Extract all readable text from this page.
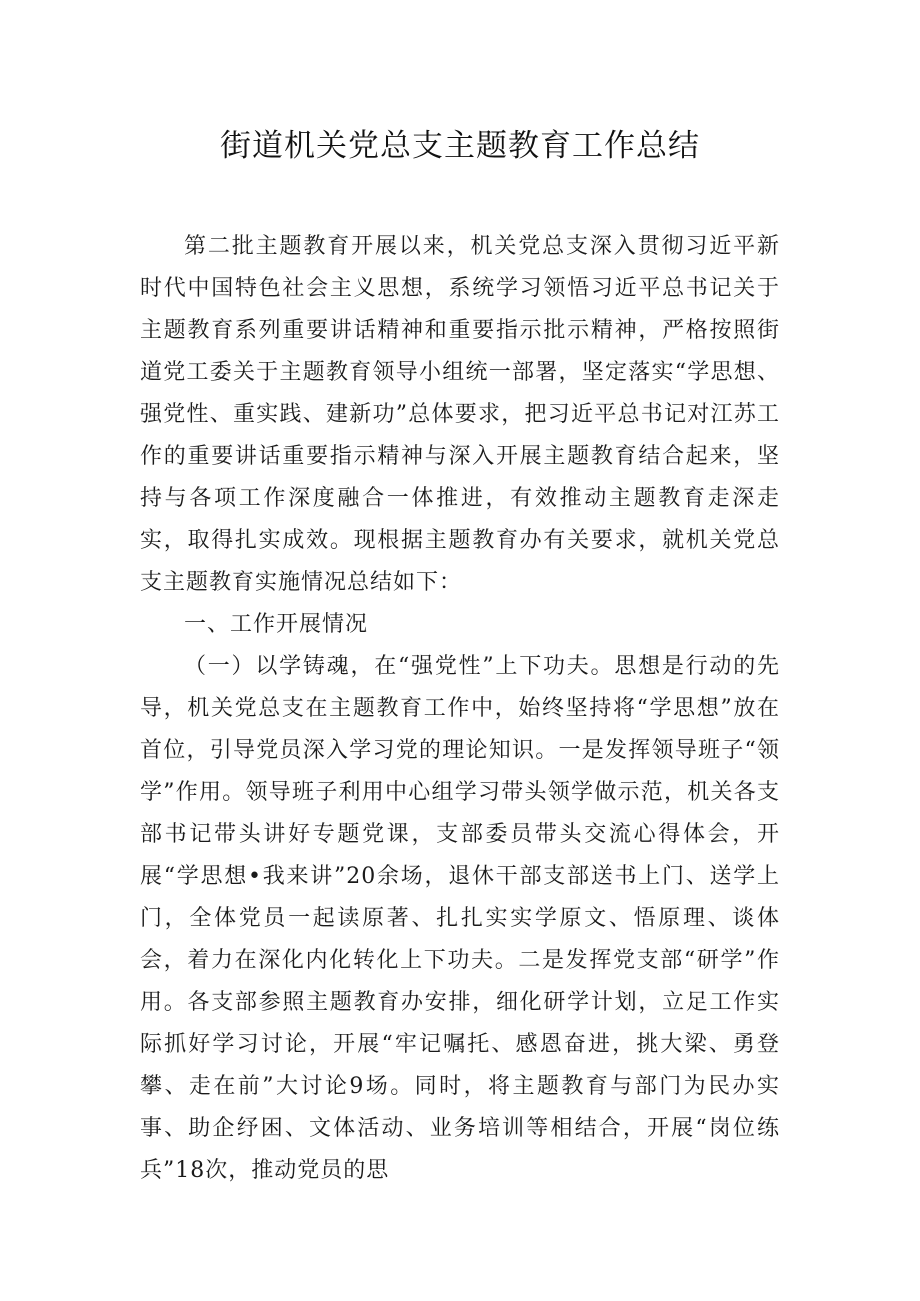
街道机关党总支主题教育工作总结

第二批主题教育开展以来，机关党总支深入贯彻习近平新时代中国特色社会主义思想，系统学习领悟习近平总书记关于主题教育系列重要讲话精神和重要指示批示精神，严格按照街道党工委关于主题教育领导小组统一部署，坚定落实“学思想、强党性、重实践、建新功”总体要求，把习近平总书记对江苏工作的重要讲话重要指示精神与深入开展主题教育结合起来，坚持与各项工作深度融合一体推进，有效推动主题教育走深走实，取得扎实成效。现根据主题教育办有关要求，就机关党总支主题教育实施情况总结如下：

一、工作开展情况

（一）以学铸魂，在“强党性”上下功夫。思想是行动的先导，机关党总支在主题教育工作中，始终坚持将“学思想”放在首位，引导党员深入学习党的理论知识。一是发挥领导班子“领学”作用。领导班子利用中心组学习带头领学做示范，机关各支部书记带头讲好专题党课，支部委员带头交流心得体会，开展“学思想•我来讲”20余场，退休干部支部送书上门、送学上门，全体党员一起读原著、扎扎实实学原文、悟原理、谈体会，着力在深化内化转化上下功夫。二是发挥党支部“研学”作用。各支部参照主题教育办安排，细化研学计划，立足工作实际抓好学习讨论，开展“牢记嘱托、感恩奋进，挑大梁、勇登攀、走在前”大讨论9场。同时，将主题教育与部门为民办实事、助企纾困、文体活动、业务培训等相结合，开展“岗位练兵”18次，推动党员的思
